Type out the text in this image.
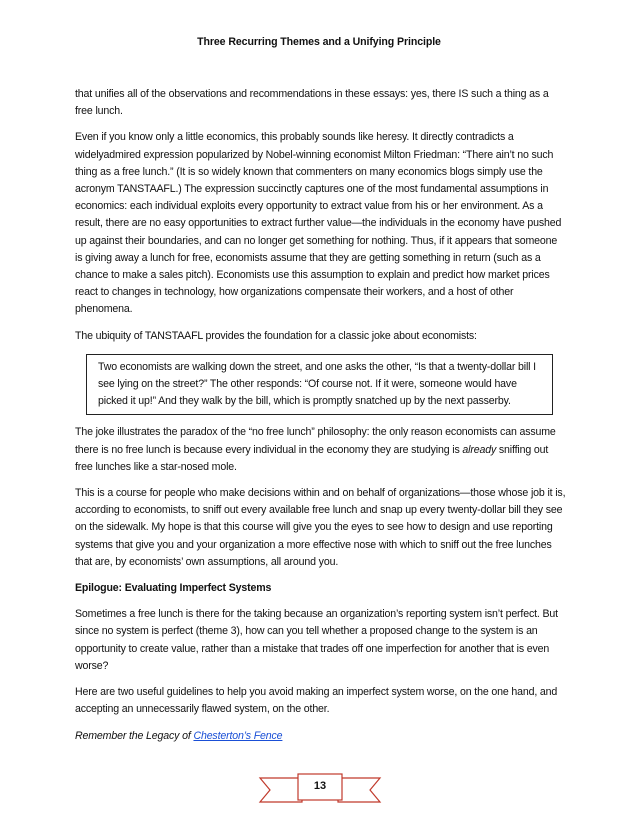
Three Recurring Themes and a Unifying Principle

that unifies all of the observations and recommendations in these essays: yes, there IS such a thing as a free lunch.

Even if you know only a little economics, this probably sounds like heresy. It directly contradicts a widelyadmired expression popularized by Nobel-winning economist Milton Friedman: “There ain’t no such thing as a free lunch.” (It is so widely known that commenters on many economics blogs simply use the acronym TANSTAAFL.) The expression succinctly captures one of the most fundamental assumptions in economics: each individual exploits every opportunity to extract value from his or her environment. As a result, there are no easy opportunities to extract further value—the individuals in the economy have pushed up against their boundaries, and can no longer get something for nothing. Thus, if it appears that someone is giving away a lunch for free, economists assume that they are getting something in return (such as a chance to make a sales pitch). Economists use this assumption to explain and predict how market prices react to changes in technology, how organizations compensate their workers, and a host of other phenomena.

The ubiquity of TANSTAAFL provides the foundation for a classic joke about economists:

Two economists are walking down the street, and one asks the other, “Is that a twenty-dollar bill I see lying on the street?” The other responds: “Of course not. If it were, someone would have picked it up!” And they walk by the bill, which is promptly snatched up by the next passerby.

The joke illustrates the paradox of the “no free lunch” philosophy: the only reason economists can assume there is no free lunch is because every individual in the economy they are studying is already sniffing out free lunches like a star-nosed mole.

This is a course for people who make decisions within and on behalf of organizations—those whose job it is, according to economists, to sniff out every available free lunch and snap up every twenty-dollar bill they see on the sidewalk. My hope is that this course will give you the eyes to see how to design and use reporting systems that give you and your organization a more effective nose with which to sniff out the free lunches that are, by economists’ own assumptions, all around you.

Epilogue: Evaluating Imperfect Systems

Sometimes a free lunch is there for the taking because an organization’s reporting system isn’t perfect. But since no system is perfect (theme 3), how can you tell whether a proposed change to the system is an opportunity to create value, rather than a mistake that trades off one imperfection for another that is even worse?

Here are two useful guidelines to help you avoid making an imperfect system worse, on the one hand, and accepting an unnecessarily flawed system, on the other.

Remember the Legacy of Chesterton’s Fence

13
